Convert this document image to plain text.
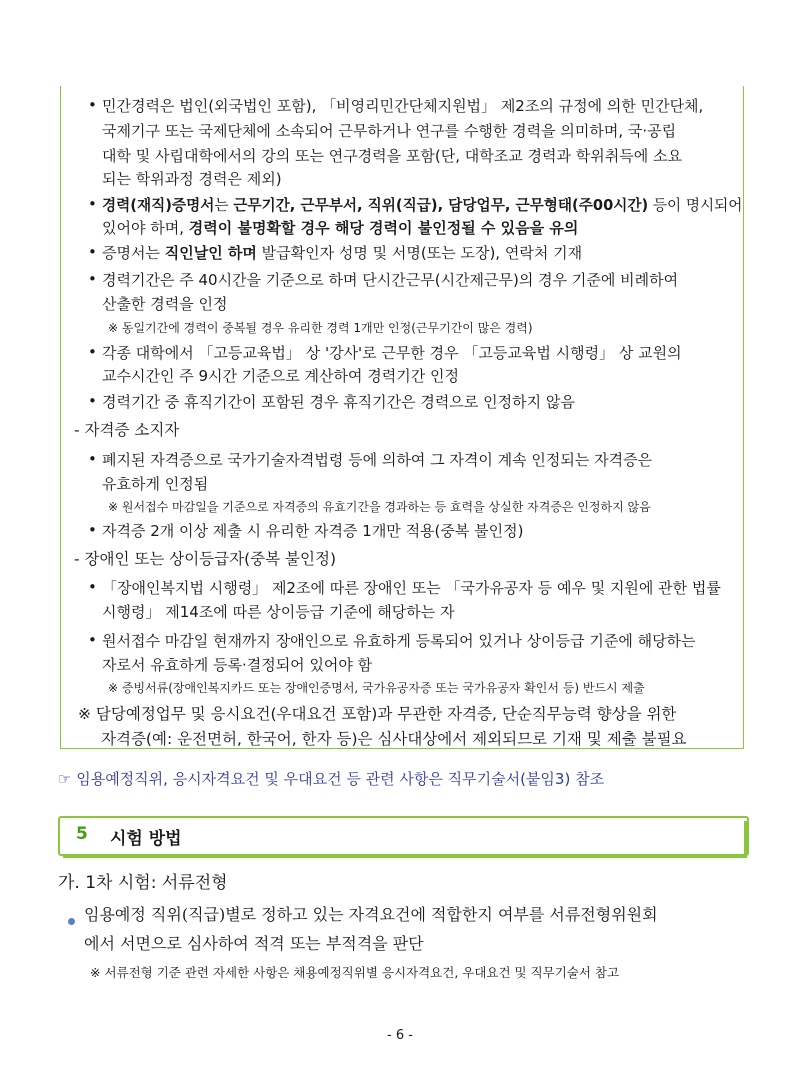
• 민간경력은 법인(외국법인 포함), 「비영리민간단체지원법」 제2조의 규정에 의한 민간단체,
국제기구 또는 국제단체에 소속되어 근무하거나 연구를 수행한 경력을 의미하며, 국·공립
대학 및 사립대학에서의 강의 또는 연구경력을 포함(단, 대학조교 경력과 학위취득에 소요
되는 학위과정 경력은 제외)
• 경력(재직)증명서는 근무기간, 근무부서, 직위(직급), 담당업무, 근무형태(주00시간) 등이 명시되어
있어야 하며, 경력이 불명확할 경우 해당 경력이 불인정될 수 있음을 유의
• 증명서는 직인날인 하며 발급확인자 성명 및 서명(또는 도장), 연락처 기재
• 경력기간은 주 40시간을 기준으로 하며 단시간근무(시간제근무)의 경우 기준에 비례하여
산출한 경력을 인정
※ 동일기간에 경력이 중복될 경우 유리한 경력 1개만 인정(근무기간이 많은 경력)
• 각종 대학에서 「고등교육법」 상 '강사'로 근무한 경우 「고등교육법 시행령」 상 교원의
교수시간인 주 9시간 기준으로 계산하여 경력기간 인정
• 경력기간 중 휴직기간이 포함된 경우 휴직기간은 경력으로 인정하지 않음
- 자격증 소지자
• 폐지된 자격증으로 국가기술자격법령 등에 의하여 그 자격이 계속 인정되는 자격증은
유효하게 인정됨
※ 원서접수 마감일을 기준으로 자격증의 유효기간을 경과하는 등 효력을 상실한 자격증은 인정하지 않음
• 자격증 2개 이상 제출 시 유리한 자격증 1개만 적용(중복 불인정)
- 장애인 또는 상이등급자(중복 불인정)
• 「장애인복지법 시행령」 제2조에 따른 장애인 또는 「국가유공자 등 예우 및 지원에 관한 법률
시행령」 제14조에 따른 상이등급 기준에 해당하는 자
• 원서접수 마감일 현재까지 장애인으로 유효하게 등록되어 있거나 상이등급 기준에 해당하는
자로서 유효하게 등록·결정되어 있어야 함
※ 증빙서류(장애인복지카드 또는 장애인증명서, 국가유공자증 또는 국가유공자 확인서 등) 반드시 제출
※ 담당예정업무 및 응시요건(우대요건 포함)과 무관한 자격증, 단순직무능력 향상을 위한
자격증(예: 운전면허, 한국어, 한자 등)은 심사대상에서 제외되므로 기재 및 제출 불필요
☞ 임용예정직위, 응시자격요건 및 우대요건 등 관련 사항은 직무기술서(붙임3) 참조
5 시험 방법
가. 1차 시험: 서류전형
임용예정 직위(직급)별로 정하고 있는 자격요건에 적합한지 여부를 서류전형위원회
에서 서면으로 심사하여 적격 또는 부적격을 판단
※ 서류전형 기준 관련 자세한 사항은 채용예정직위별 응시자격요건, 우대요건 및 직무기술서 참고
- 6 -
